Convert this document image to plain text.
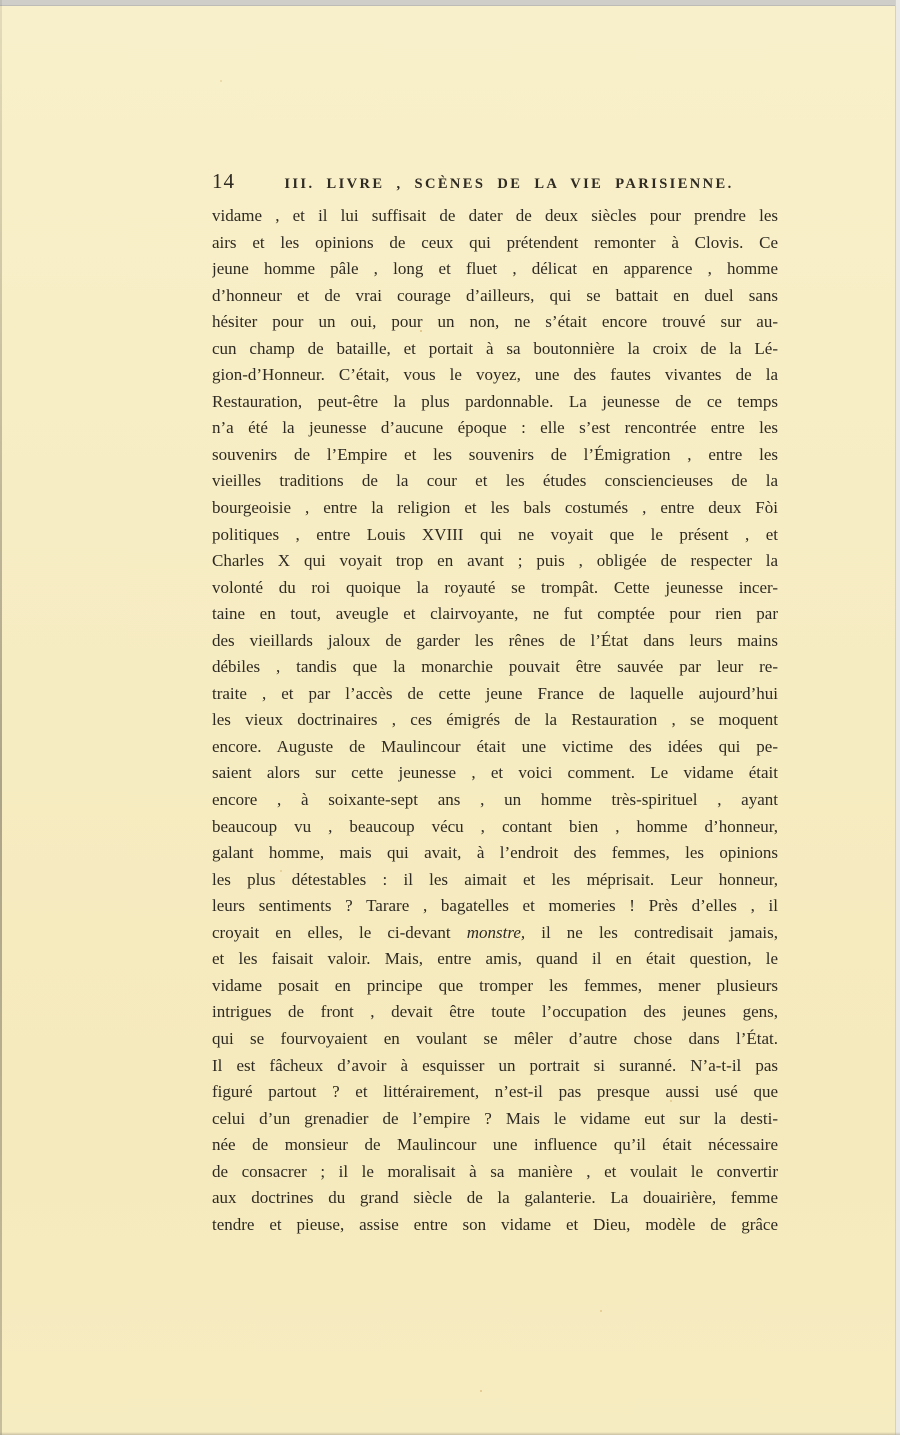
14	III. LIVRE , SCÈNES DE LA VIE PARISIENNE.
vidame , et il lui suffisait de dater de deux siècles pour prendre les
airs et les opinions de ceux qui prétendent remonter à Clovis. Ce
jeune homme pâle , long et fluet , délicat en apparence , homme
d’honneur et de vrai courage d’ailleurs, qui se battait en duel sans
hésiter pour un oui, pour un non, ne s’était encore trouvé sur au-
cun champ de bataille, et portait à sa boutonnière la croix de la Lé-
gion-d’Honneur. C’était, vous le voyez, une des fautes vivantes de la
Restauration, peut-être la plus pardonnable. La jeunesse de ce temps
n’a été la jeunesse d’aucune époque : elle s’est rencontrée entre les
souvenirs de l’Empire et les souvenirs de l’Émigration , entre les
vieilles traditions de la cour et les études consciencieuses de la
bourgeoisie , entre la religion et les bals costumés , entre deux Fòi
politiques , entre Louis XVIII qui ne voyait que le présent , et
Charles X qui voyait trop en avant ; puis , obligée de respecter la
volonté du roi quoique la royauté se trompât. Cette jeunesse incer-
taine en tout, aveugle et clairvoyante, ne fut comptée pour rien par
des vieillards jaloux de garder les rênes de l’État dans leurs mains
débiles , tandis que la monarchie pouvait être sauvée par leur re-
traite , et par l’accès de cette jeune France de laquelle aujourd’hui
les vieux doctrinaires , ces émigrés de la Restauration , se moquent
encore. Auguste de Maulincour était une victime des idées qui pe-
saient alors sur cette jeunesse , et voici comment. Le vidame était
encore , à soixante-sept ans , un homme très-spirituel , ayant
beaucoup vu , beaucoup vécu , contant bien , homme d’honneur,
galant homme, mais qui avait, à l’endroit des femmes, les opinions
les plus détestables : il les aimait et les méprisait. Leur honneur,
leurs sentiments ? Tarare , bagatelles et momeries ! Près d’elles , il
croyait en elles, le ci-devant monstre, il ne les contredisait jamais,
et les faisait valoir. Mais, entre amis, quand il en était question, le
vidame posait en principe que tromper les femmes, mener plusieurs
intrigues de front , devait être toute l’occupation des jeunes gens,
qui se fourvoyaient en voulant se mêler d’autre chose dans l’État.
Il est fâcheux d’avoir à esquisser un portrait si suranné. N’a-t-il pas
figuré partout ? et littérairement, n’est-il pas presque aussi usé que
celui d’un grenadier de l’empire ? Mais le vidame eut sur la desti-
née de monsieur de Maulincour une influence qu’il était nécessaire
de consacrer ; il le moralisait à sa manière , et voulait le convertir
aux doctrines du grand siècle de la galanterie. La douairière, femme
tendre et pieuse, assise entre son vidame et Dieu, modèle de grâce
